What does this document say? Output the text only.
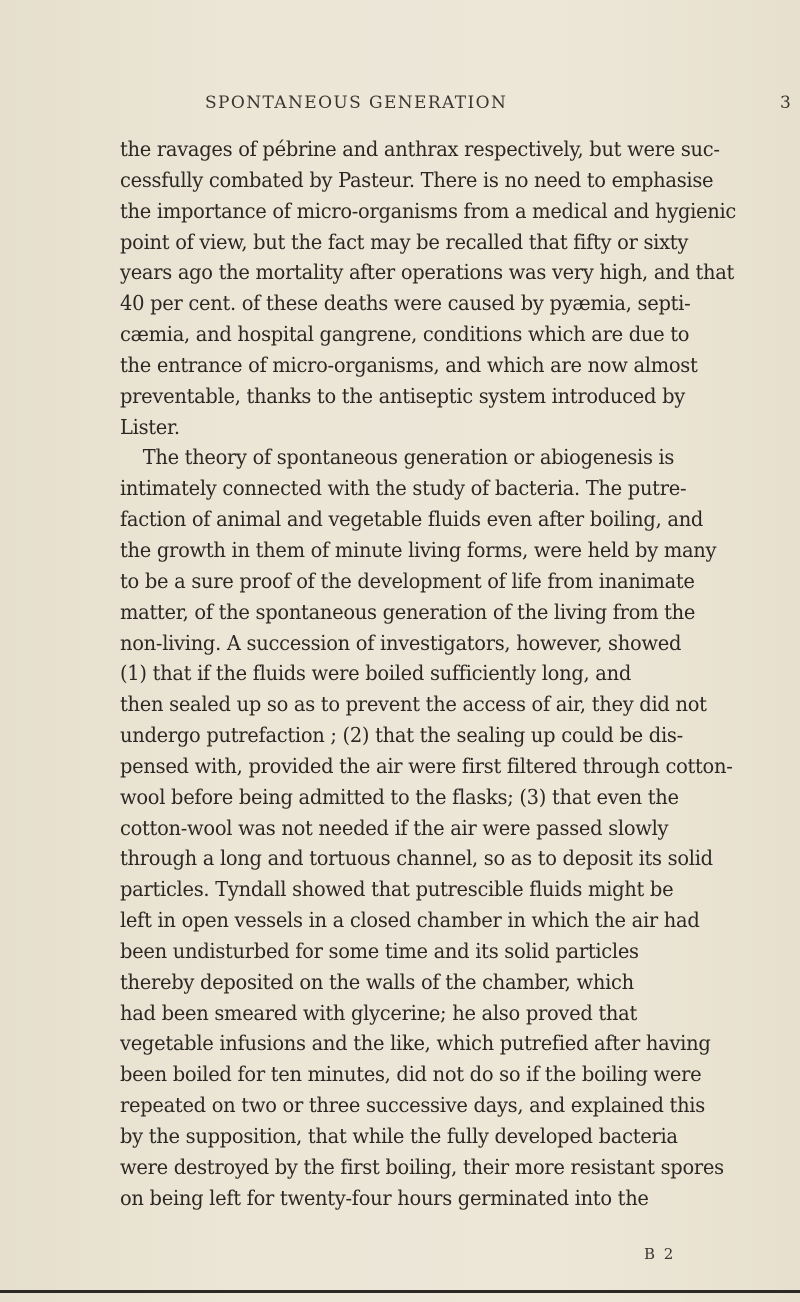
SPONTANEOUS GENERATION	3
the ravages of pébrine and anthrax respectively, but were suc-
cessfully combated by Pasteur. There is no need to emphasise
the importance of micro-organisms from a medical and hygienic
point of view, but the fact may be recalled that fifty or sixty
years ago the mortality after operations was very high, and that
40 per cent. of these deaths were caused by pyæmia, septi-
cæmia, and hospital gangrene, conditions which are due to
the entrance of micro-organisms, and which are now almost
preventable, thanks to the antiseptic system introduced by
Lister.
The theory of spontaneous generation or abiogenesis is
intimately connected with the study of bacteria. The putre-
faction of animal and vegetable fluids even after boiling, and
the growth in them of minute living forms, were held by many
to be a sure proof of the development of life from inanimate
matter, of the spontaneous generation of the living from the
non-living. A succession of investigators, however, showed
(1) that if the fluids were boiled sufficiently long, and
then sealed up so as to prevent the access of air, they did not
undergo putrefaction ; (2) that the sealing up could be dis-
pensed with, provided the air were first filtered through cotton-
wool before being admitted to the flasks; (3) that even the
cotton-wool was not needed if the air were passed slowly
through a long and tortuous channel, so as to deposit its solid
particles. Tyndall showed that putrescible fluids might be
left in open vessels in a closed chamber in which the air had
been undisturbed for some time and its solid particles
thereby deposited on the walls of the chamber, which
had been smeared with glycerine; he also proved that
vegetable infusions and the like, which putrefied after having
been boiled for ten minutes, did not do so if the boiling were
repeated on two or three successive days, and explained this
by the supposition, that while the fully developed bacteria
were destroyed by the first boiling, their more resistant spores
on being left for twenty-four hours germinated into the
B 2
